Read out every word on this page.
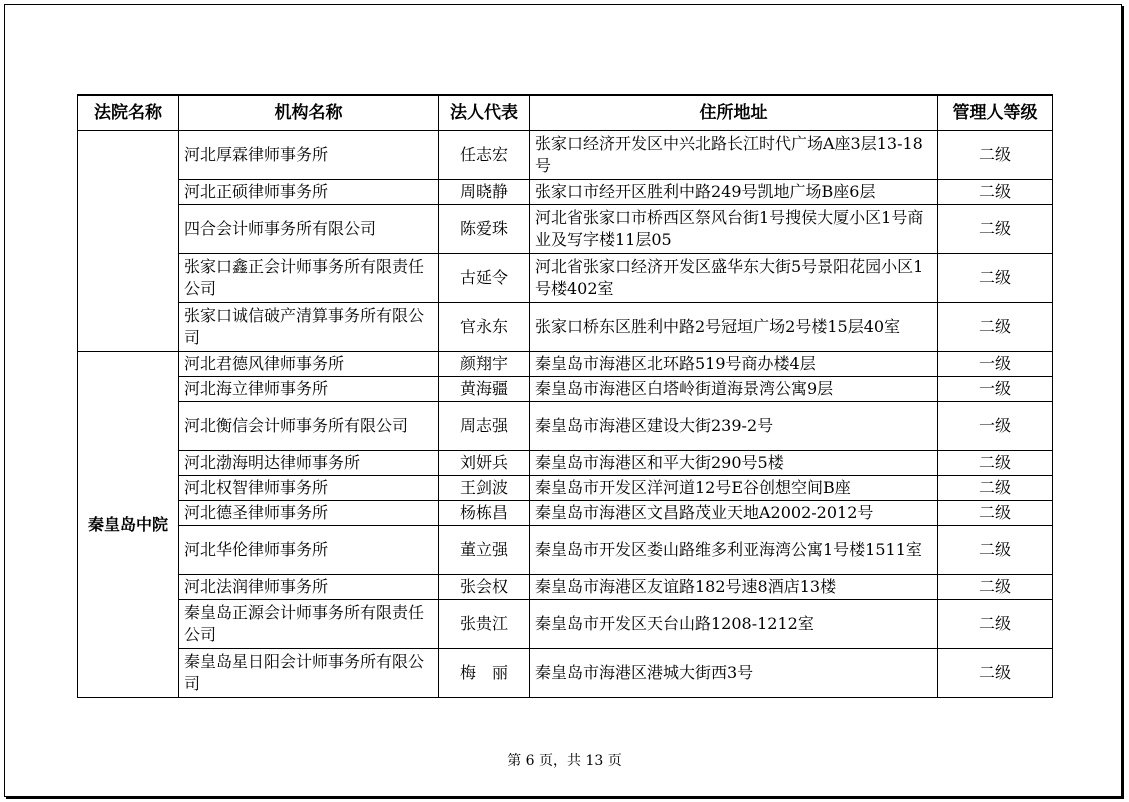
法院名称	机构名称	法人代表	住所地址	管理人等级
	河北厚霖律师事务所	任志宏	张家口经济开发区中兴北路长江时代广场A座3层13-18号	二级
	河北正硕律师事务所	周晓静	张家口市经开区胜利中路249号凯地广场B座6层	二级
	四合会计师事务所有限公司	陈爱珠	河北省张家口市桥西区祭风台街1号搜侯大厦小区1号商业及写字楼11层05	二级
	张家口鑫正会计师事务所有限责任公司	古延令	河北省张家口经济开发区盛华东大街5号景阳花园小区1号楼402室	二级
	张家口诚信破产清算事务所有限公司	官永东	张家口桥东区胜利中路2号冠垣广场2号楼15层40室	二级
秦皇岛中院	河北君德风律师事务所	颜翔宇	秦皇岛市海港区北环路519号商办楼4层	一级
	河北海立律师事务所	黄海疆	秦皇岛市海港区白塔岭街道海景湾公寓9层	一级
	河北衡信会计师事务所有限公司	周志强	秦皇岛市海港区建设大街239-2号	一级
	河北渤海明达律师事务所	刘妍兵	秦皇岛市海港区和平大街290号5楼	二级
	河北权智律师事务所	王剑波	秦皇岛市开发区洋河道12号E谷创想空间B座	二级
	河北德圣律师事务所	杨栋昌	秦皇岛市海港区文昌路茂业天地A2002-2012号	二级
	河北华伦律师事务所	董立强	秦皇岛市开发区娄山路维多利亚海湾公寓1号楼1511室	二级
	河北法润律师事务所	张会权	秦皇岛市海港区友谊路182号速8酒店13楼	二级
	秦皇岛正源会计师事务所有限责任公司	张贵江	秦皇岛市开发区天台山路1208-1212室	二级
	秦皇岛星日阳会计师事务所有限公司	梅　丽	秦皇岛市海港区港城大街西3号	二级
第 6 页，共 13 页
